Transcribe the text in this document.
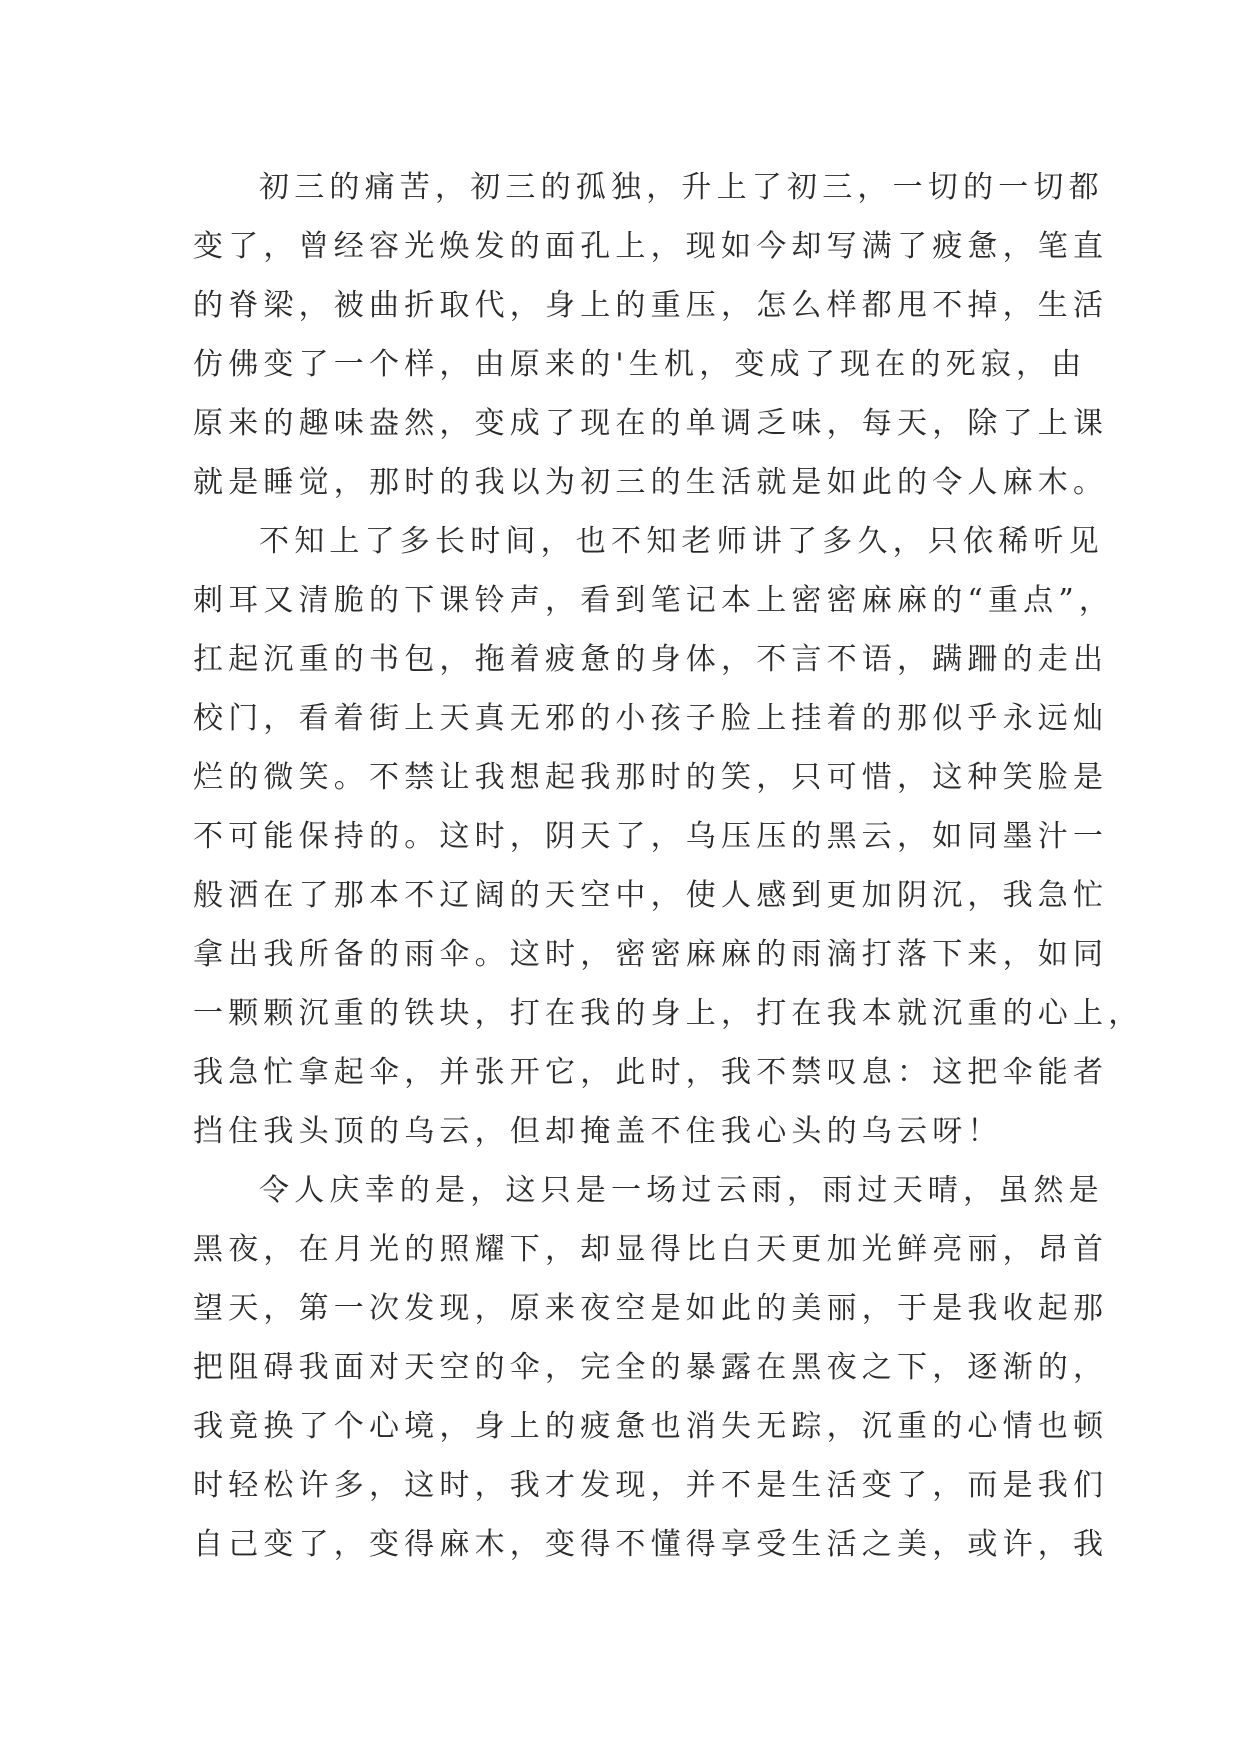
初三的痛苦，初三的孤独，升上了初三，一切的一切都
变了，曾经容光焕发的面孔上，现如今却写满了疲惫，笔直
的脊梁，被曲折取代，身上的重压，怎么样都甩不掉，生活
仿佛变了一个样，由原来的'生机，变成了现在的死寂，由
原来的趣味盎然，变成了现在的单调乏味，每天，除了上课
就是睡觉，那时的我以为初三的生活就是如此的令人麻木。
不知上了多长时间，也不知老师讲了多久，只依稀听见
刺耳又清脆的下课铃声，看到笔记本上密密麻麻的“重点”，
扛起沉重的书包，拖着疲惫的身体，不言不语，蹒跚的走出
校门，看着街上天真无邪的小孩子脸上挂着的那似乎永远灿
烂的微笑。不禁让我想起我那时的笑，只可惜，这种笑脸是
不可能保持的。这时，阴天了，乌压压的黑云，如同墨汁一
般洒在了那本不辽阔的天空中，使人感到更加阴沉，我急忙
拿出我所备的雨伞。这时，密密麻麻的雨滴打落下来，如同
一颗颗沉重的铁块，打在我的身上，打在我本就沉重的心上，
我急忙拿起伞，并张开它，此时，我不禁叹息：这把伞能者
挡住我头顶的乌云，但却掩盖不住我心头的乌云呀！
令人庆幸的是，这只是一场过云雨，雨过天晴，虽然是
黑夜，在月光的照耀下，却显得比白天更加光鲜亮丽，昂首
望天，第一次发现，原来夜空是如此的美丽，于是我收起那
把阻碍我面对天空的伞，完全的暴露在黑夜之下，逐渐的，
我竟换了个心境，身上的疲惫也消失无踪，沉重的心情也顿
时轻松许多，这时，我才发现，并不是生活变了，而是我们
自己变了，变得麻木，变得不懂得享受生活之美，或许，我
